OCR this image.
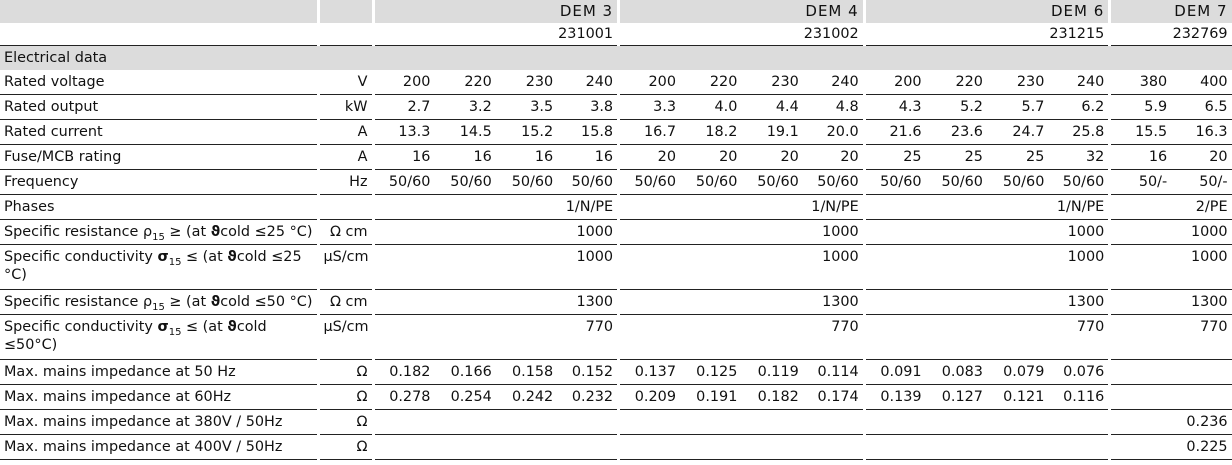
		DEM 3				DEM 4				DEM 6				DEM 7	
		231001				231002				231215				232769	
Electrical data															
Rated voltage	V	200	220	230	240	200	220	230	240	200	220	230	240	380	400
Rated output	kW	2.7	3.2	3.5	3.8	3.3	4.0	4.4	4.8	4.3	5.2	5.7	6.2	5.9	6.5
Rated current	A	13.3	14.5	15.2	15.8	16.7	18.2	19.1	20.0	21.6	23.6	24.7	25.8	15.5	16.3
Fuse/MCB rating	A	16	16	16	16	20	20	20	20	25	25	25	32	16	20
Frequency	Hz	50/60	50/60	50/60	50/60	50/60	50/60	50/60	50/60	50/60	50/60	50/60	50/60	50/-	50/-
Phases		1/N/PE				1/N/PE				1/N/PE				2/PE	
Specific resistance $\rho_{15} \ge (at$ ϑcold ≤25 °C)	Ω cm	1000				1000				1000				1000	
Specific conductivity $\sigma_{15} \le (at$ ϑcold ≤25 °C)	µS/cm	1000				1000				1000				1000	
Specific resistance $\rho_{15} \ge (at$ ϑcold ≤50 °C)	Ω cm	1300				1300				1300				1300	
Specific conductivity $\sigma_{15} \le (at$ ϑcold ≤50°C)	µS/cm	770				770				770				770	
Max. mains impedance at 50 Hz	Ω	0.182	0.166	0.158	0.152	0.137	0.125	0.119	0.114	0.091	0.083	0.079	0.076		
Max. mains impedance at 60Hz	Ω	0.278	0.254	0.242	0.232	0.209	0.191	0.182	0.174	0.139	0.127	0.121	0.116		
Max. mains impedance at 380V / 50Hz	Ω													0.236	
Max. mains impedance at 400V / 50Hz	Ω													0.225	
